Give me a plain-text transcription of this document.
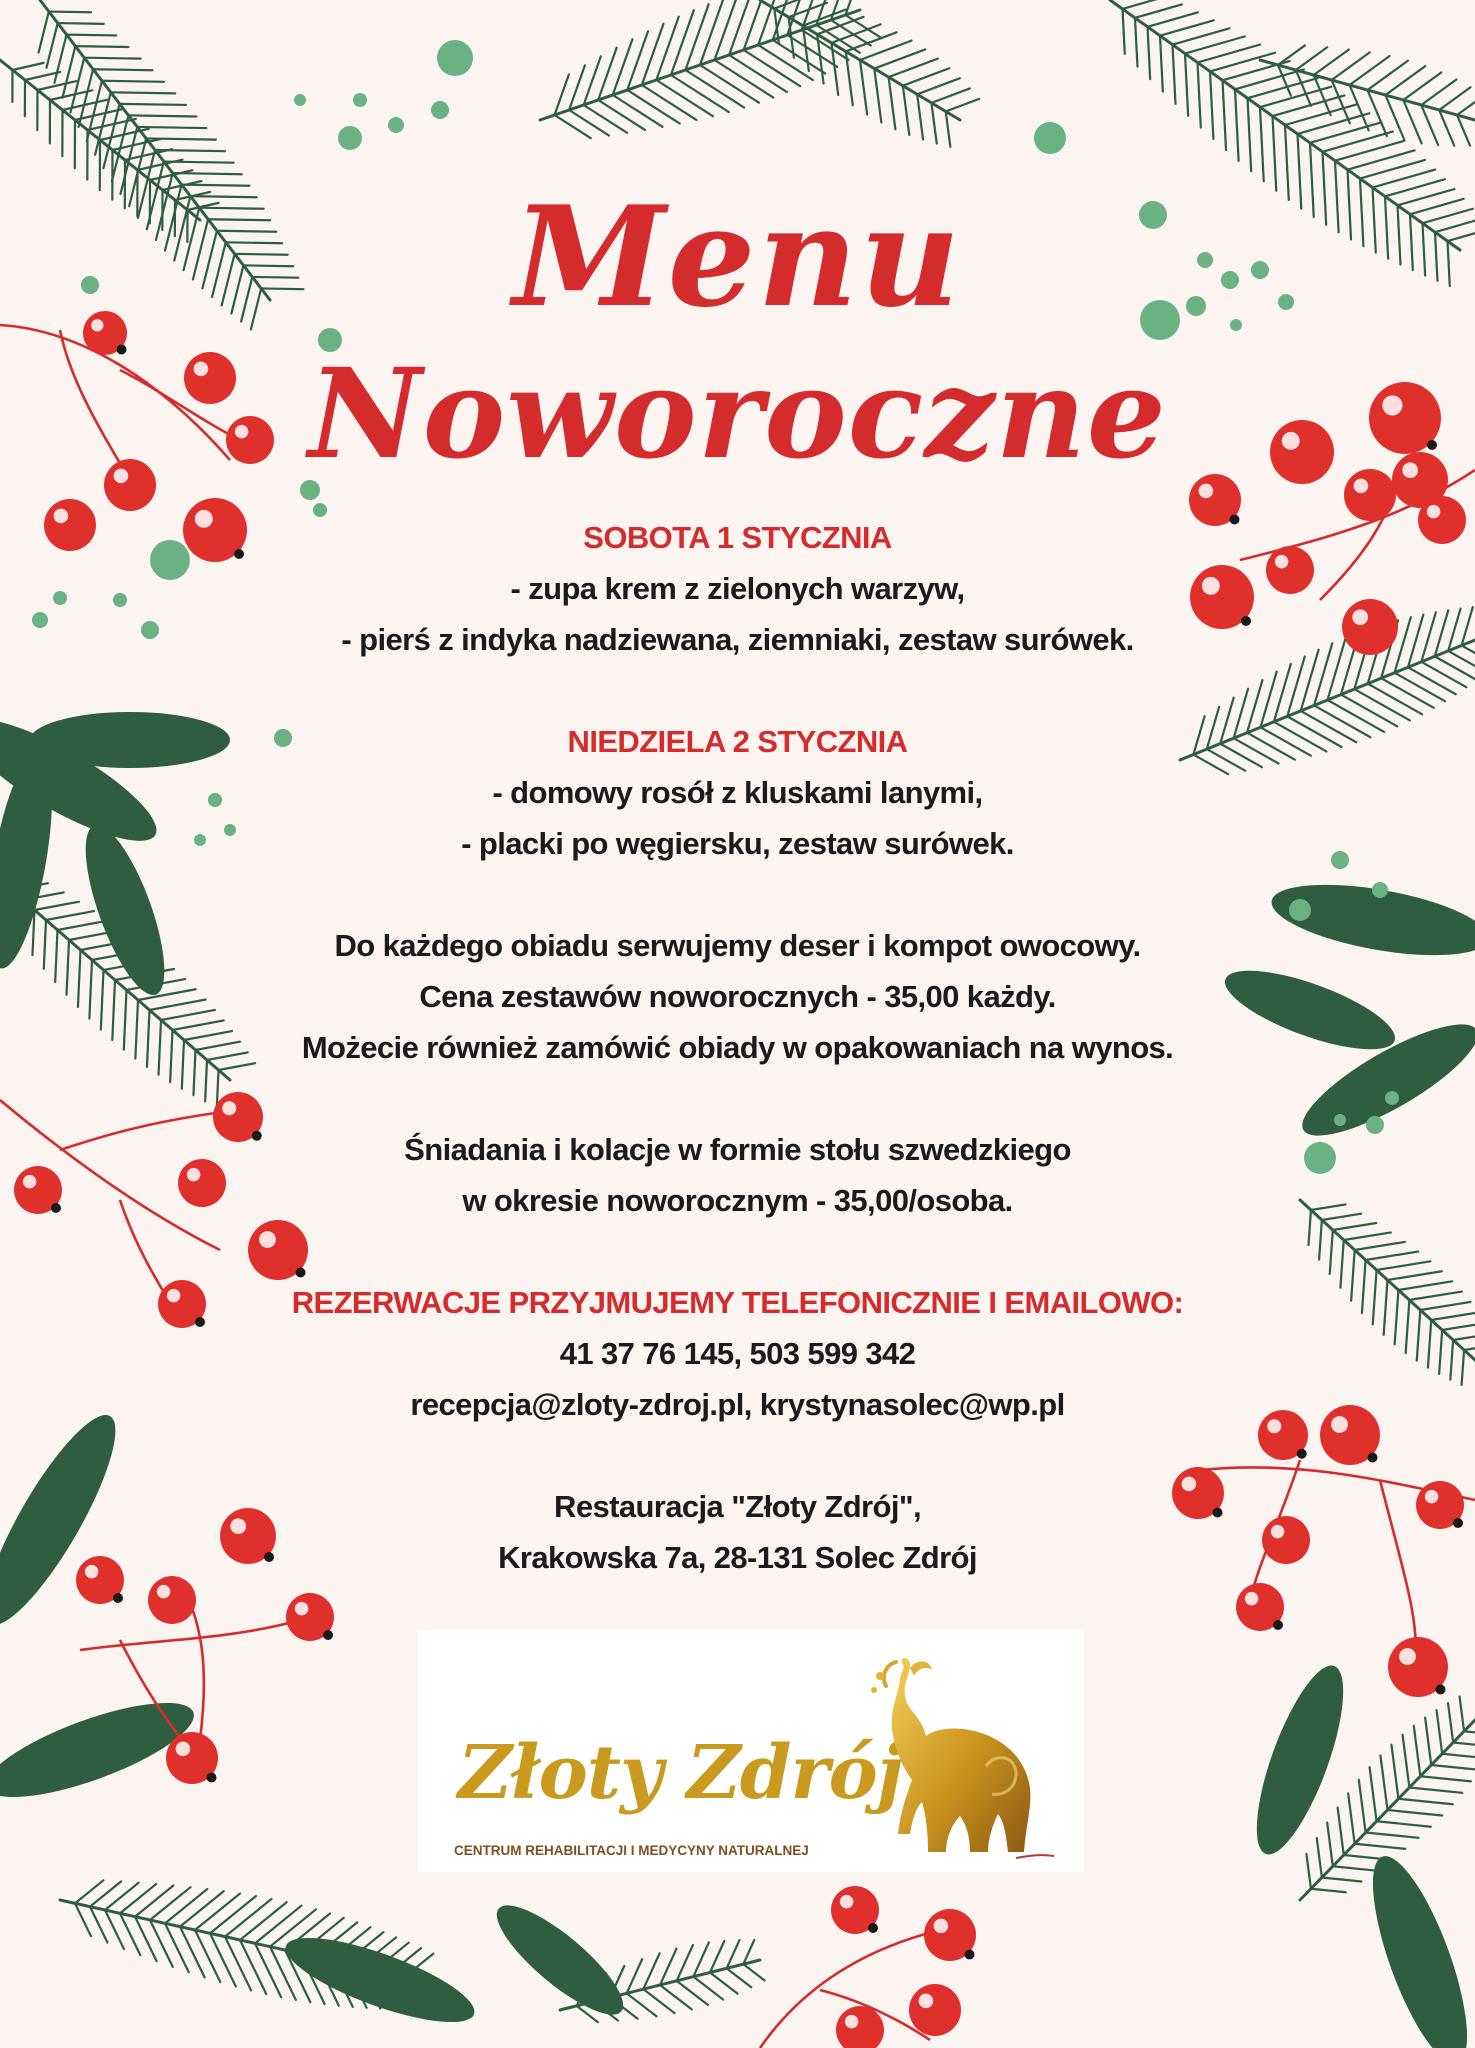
Menu
Noworoczne
SOBOTA 1 STYCZNIA
- zupa krem z zielonych warzyw,
- pierś z indyka nadziewana, ziemniaki, zestaw surówek.
NIEDZIELA 2 STYCZNIA
- domowy rosół z kluskami lanymi,
- placki po węgiersku, zestaw surówek.
Do każdego obiadu serwujemy deser i kompot owocowy.
Cena zestawów noworocznych - 35,00 każdy.
Możecie również zamówić obiady w opakowaniach na wynos.
Śniadania i kolacje w formie stołu szwedzkiego
w okresie noworocznym - 35,00/osoba.
REZERWACJE PRZYJMUJEMY TELEFONICZNIE I EMAILOWO:
41 37 76 145, 503 599 342
recepcja@zloty-zdroj.pl, krystynasolec@wp.pl
Restauracja "Złoty Zdrój",
Krakowska 7a, 28-131 Solec Zdrój
Złoty Zdrój
CENTRUM REHABILITACJI I MEDYCYNY NATURALNEJ
